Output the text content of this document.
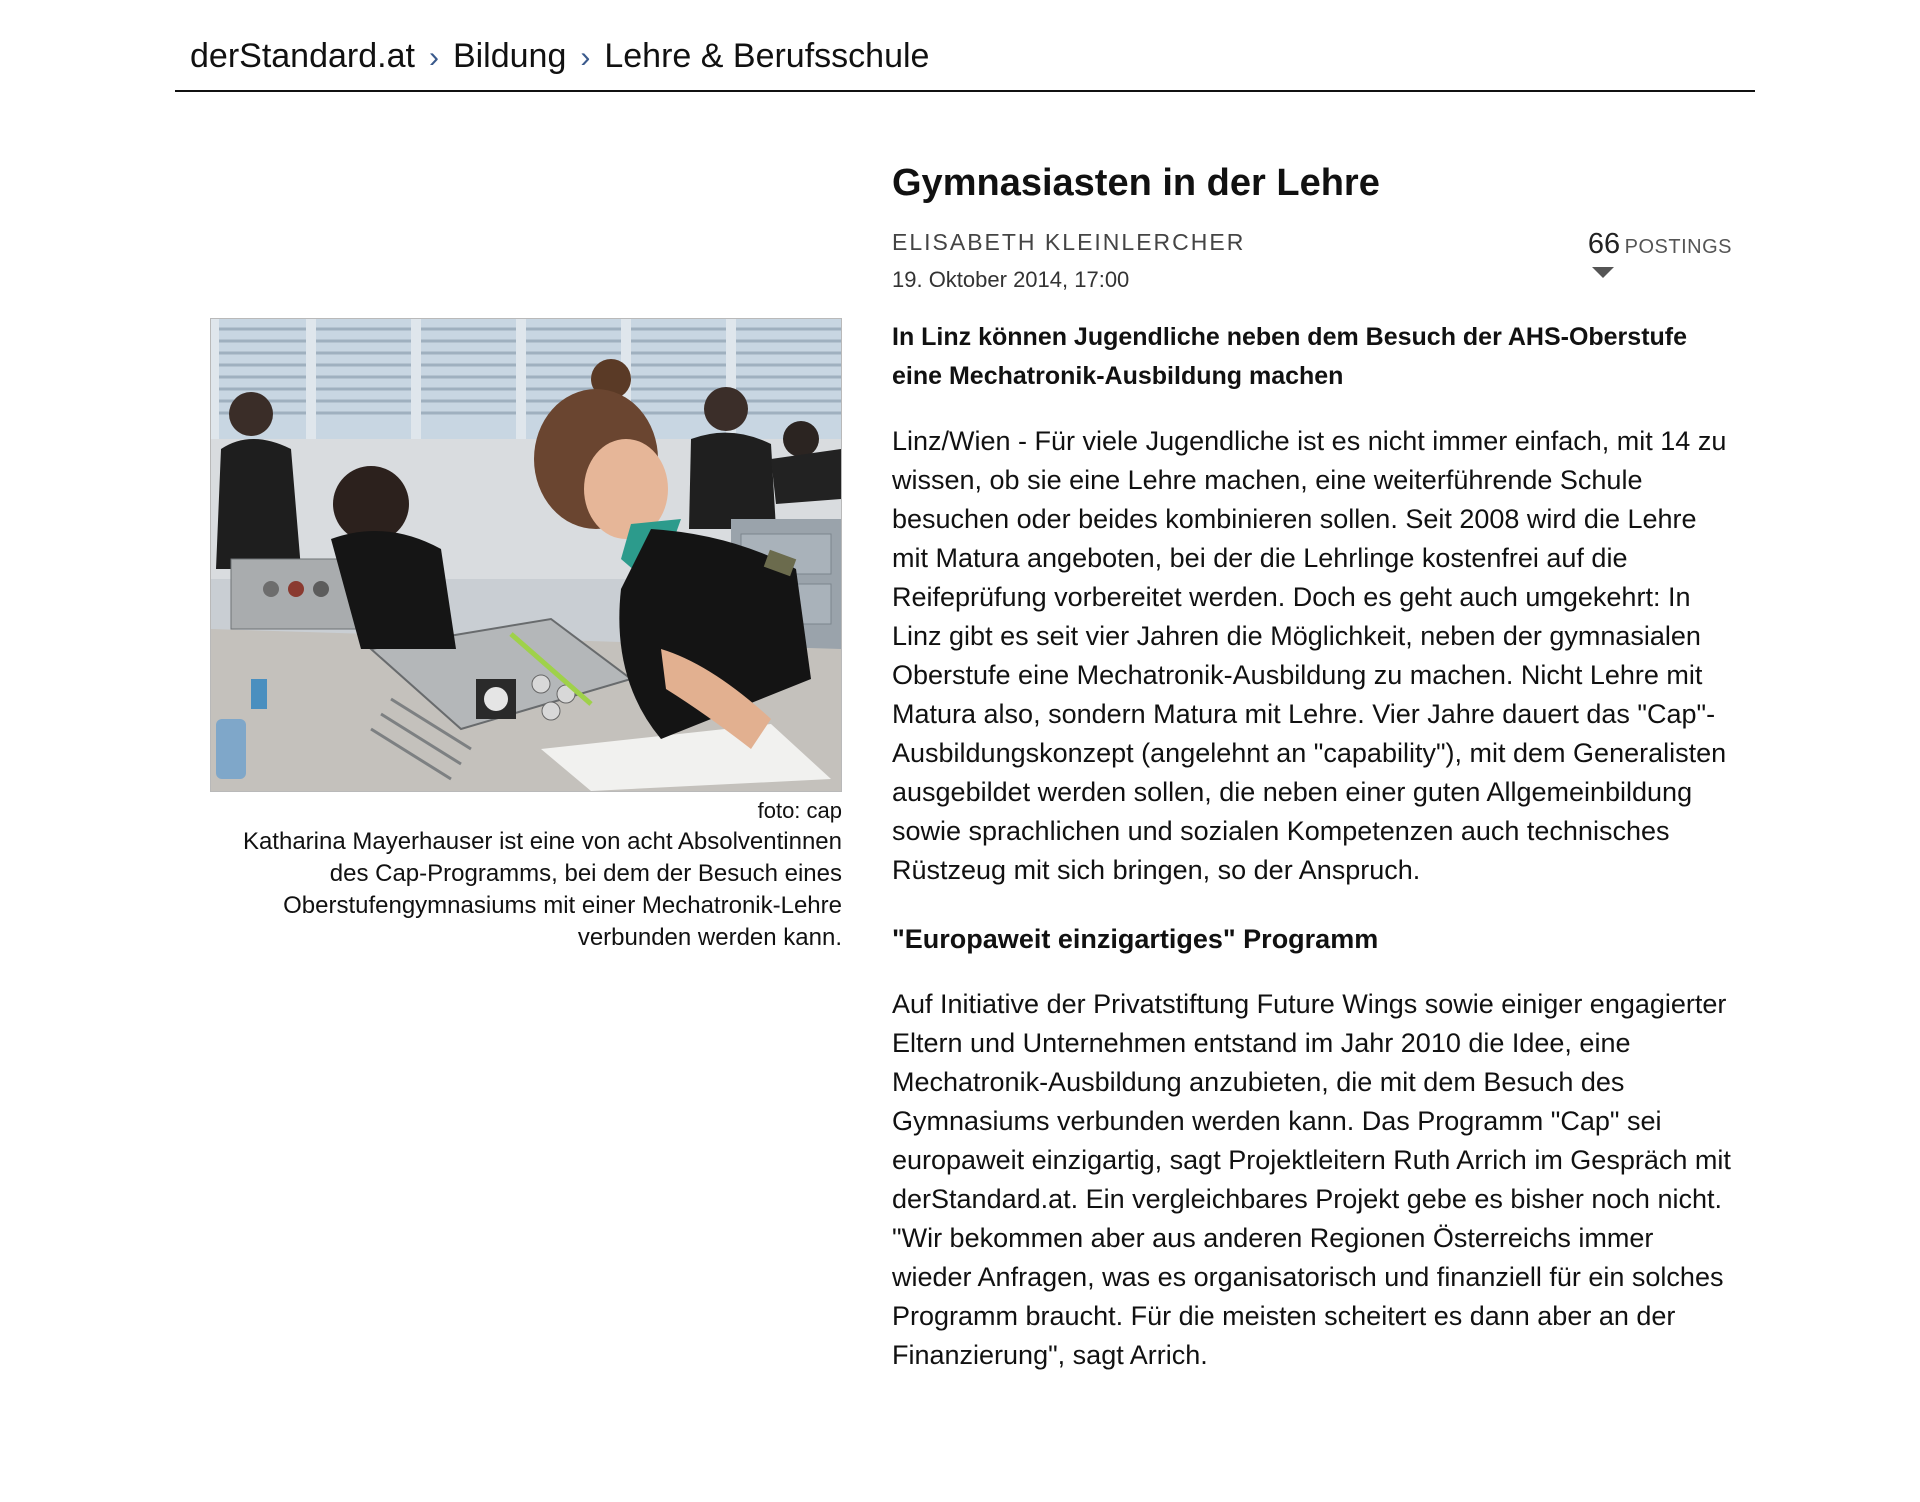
derStandard.at › Bildung › Lehre & Berufsschule
foto: cap
Katharina Mayerhauser ist eine von acht Absolventinnen des Cap-Programms, bei dem der Besuch eines Oberstufengymnasiums mit einer Mechatronik-Lehre verbunden werden kann.
Gymnasiasten in der Lehre
ELISABETH KLEINLERCHER
19. Oktober 2014, 17:00
66 POSTINGS

In Linz können Jugendliche neben dem Besuch der AHS-Oberstufe eine Mechatronik-Ausbildung machen

Linz/Wien - Für viele Jugendliche ist es nicht immer einfach, mit 14 zu wissen, ob sie eine Lehre machen, eine weiterführende Schule besuchen oder beides kombinieren sollen. Seit 2008 wird die Lehre mit Matura angeboten, bei der die Lehrlinge kostenfrei auf die Reifeprüfung vorbereitet werden. Doch es geht auch umgekehrt: In Linz gibt es seit vier Jahren die Möglichkeit, neben der gymnasialen Oberstufe eine Mechatronik-Ausbildung zu machen. Nicht Lehre mit Matura also, sondern Matura mit Lehre. Vier Jahre dauert das "Cap"-Ausbildungskonzept (angelehnt an "capability"), mit dem Generalisten ausgebildet werden sollen, die neben einer guten Allgemeinbildung sowie sprachlichen und sozialen Kompetenzen auch technisches Rüstzeug mit sich bringen, so der Anspruch.

"Europaweit einzigartiges" Programm

Auf Initiative der Privatstiftung Future Wings sowie einiger engagierter Eltern und Unternehmen entstand im Jahr 2010 die Idee, eine Mechatronik-Ausbildung anzubieten, die mit dem Besuch des Gymnasiums verbunden werden kann. Das Programm "Cap" sei europaweit einzigartig, sagt Projektleitern Ruth Arrich im Gespräch mit derStandard.at. Ein vergleichbares Projekt gebe es bisher noch nicht. "Wir bekommen aber aus anderen Regionen Österreichs immer wieder Anfragen, was es organisatorisch und finanziell für ein solches Programm braucht. Für die meisten scheitert es dann aber an der Finanzierung", sagt Arrich.
